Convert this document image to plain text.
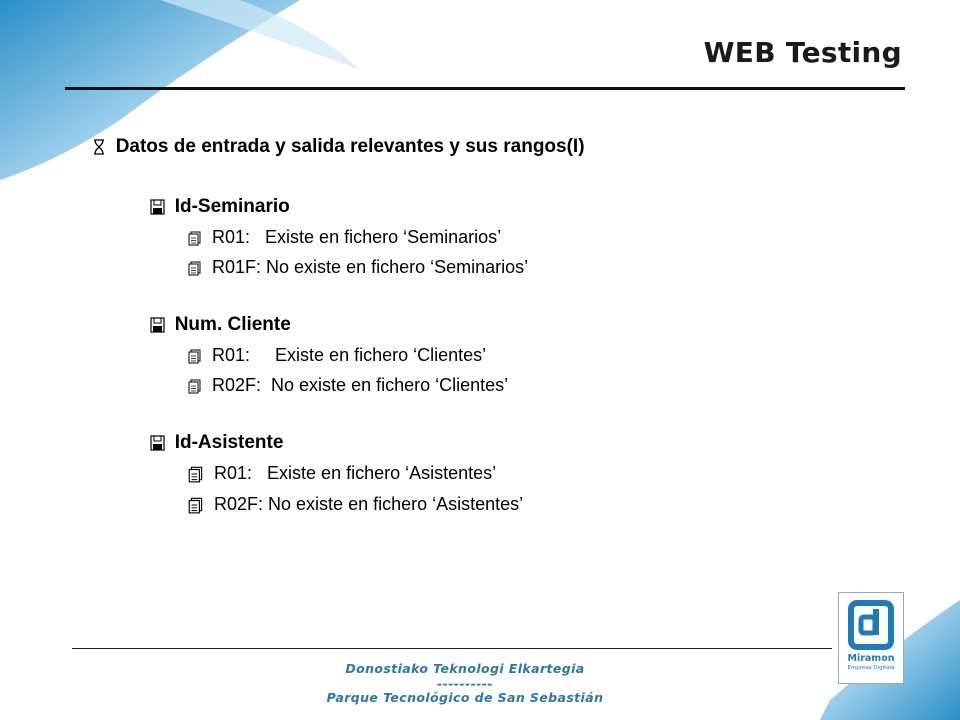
WEB Testing

Datos de entrada y salida relevantes y sus rangos(I)

Id-Seminario

R01:   Existe en fichero ‘Seminarios’

R01F: No existe en fichero ‘Seminarios’

Num. Cliente

R01:     Existe en fichero ‘Clientes’

R02F:  No existe en fichero ‘Clientes’

Id-Asistente

R01:   Existe en fichero ‘Asistentes’

R02F: No existe en fichero ‘Asistentes’
Donostiako Teknologi Elkartegia
----------
Parque Tecnológico de San Sebastián
Miramon
Empresa Digitala
